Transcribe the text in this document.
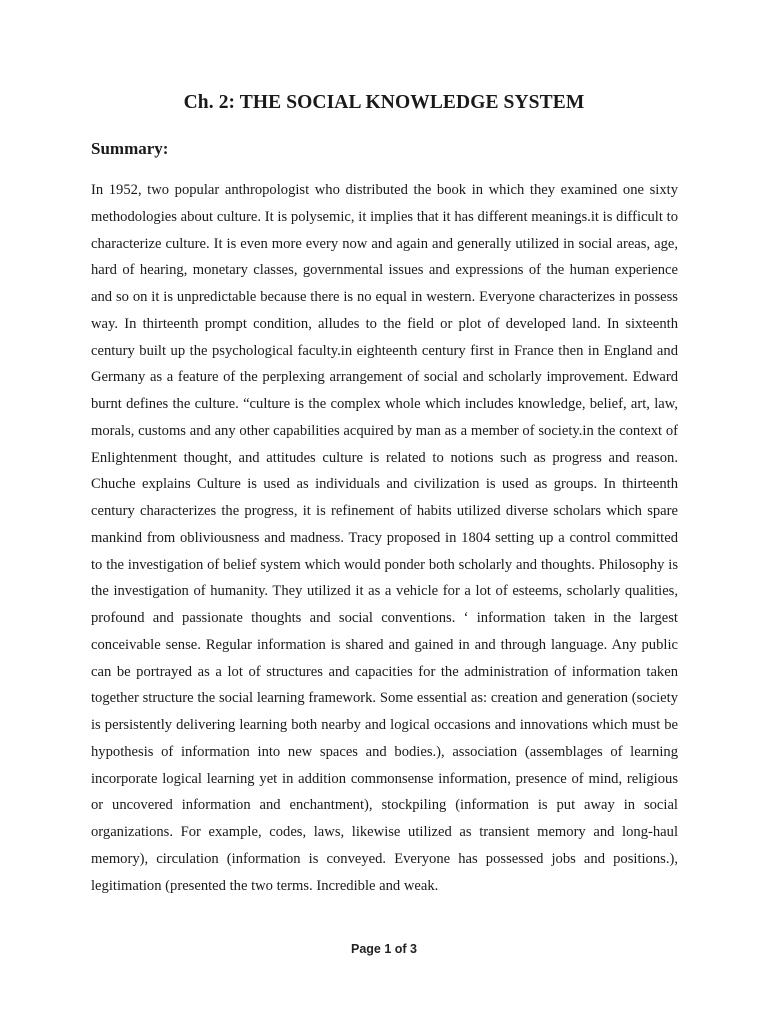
Ch. 2: THE SOCIAL KNOWLEDGE SYSTEM
Summary:

In 1952, two popular anthropologist who distributed the book in which they examined one sixty methodologies about culture. It is polysemic, it implies that it has different meanings.it is difficult to characterize culture. It is even more every now and again and generally utilized in social areas, age, hard of hearing, monetary classes, governmental issues and expressions of the human experience and so on it is unpredictable because there is no equal in western. Everyone characterizes in possess way. In thirteenth prompt condition, alludes to the field or plot of developed land. In sixteenth century built up the psychological faculty.in eighteenth century first in France then in England and Germany as a feature of the perplexing arrangement of social and scholarly improvement. Edward burnt defines the culture. “culture is the complex whole which includes knowledge, belief, art, law, morals, customs and any other capabilities acquired by man as a member of society.in the context of Enlightenment thought, and attitudes culture is related to notions such as progress and reason. Chuche explains Culture is used as individuals and civilization is used as groups. In thirteenth century characterizes the progress, it is refinement of habits utilized diverse scholars which spare mankind from obliviousness and madness. Tracy proposed in 1804 setting up a control committed to the investigation of belief system which would ponder both scholarly and thoughts. Philosophy is the investigation of humanity. They utilized it as a vehicle for a lot of esteems, scholarly qualities, profound and passionate thoughts and social conventions. ‘ information taken in the largest conceivable sense. Regular information is shared and gained in and through language. Any public can be portrayed as a lot of structures and capacities for the administration of information taken together structure the social learning framework. Some essential as: creation and generation (society is persistently delivering learning both nearby and logical occasions and innovations which must be hypothesis of information into new spaces and bodies.), association (assemblages of learning incorporate logical learning yet in addition commonsense information, presence of mind, religious or uncovered information and enchantment), stockpiling (information is put away in social organizations. For example, codes, laws, likewise utilized as transient memory and long-haul memory), circulation (information is conveyed. Everyone has possessed jobs and positions.), legitimation (presented the two terms. Incredible and weak.

Page 1 of 3
